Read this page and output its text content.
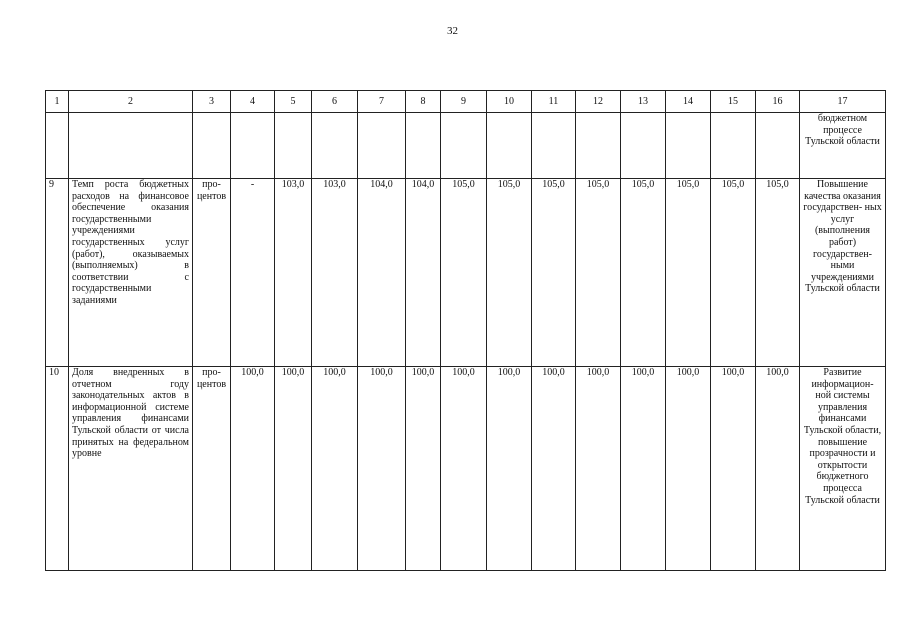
32
1	2	3	4	5	6	7	8	9	10	11	12	13	14	15	16	17
																бюджетном процессе Тульской области
9	Темп роста бюджетных расходов на финансовое обеспечение оказания государственными учреждениями государственных услуг (работ), оказываемых (выполняемых) в соответствии с государственными заданиями	про- центов	-	103,0	103,0	104,0	104,0	105,0	105,0	105,0	105,0	105,0	105,0	105,0	105,0	Повышение качества оказания государствен- ных услуг (выполнения работ) государствен- ными учреждениями Тульской области
10	Доля внедренных в отчетном году законодательных актов в информационной системе управления финансами Тульской области от числа принятых на федеральном уровне	про- центов	100,0	100,0	100,0	100,0	100,0	100,0	100,0	100,0	100,0	100,0	100,0	100,0	100,0	Развитие информацион- ной системы управления финансами Тульской области, повышение прозрачности и открытости бюджетного процесса Тульской области
